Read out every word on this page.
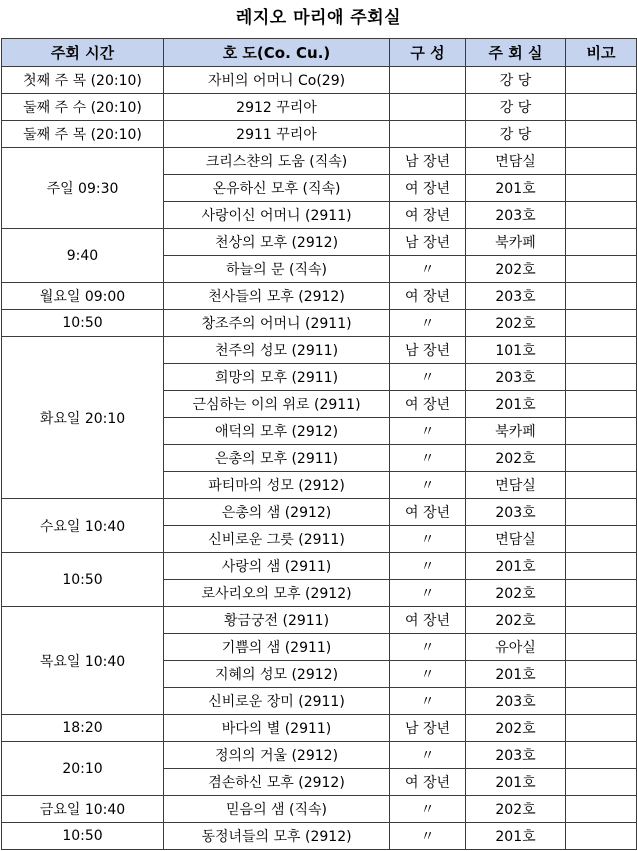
레지오 마리애 주회실
주회 시간	호 도(Co. Cu.)	구 성	주 회 실	비고
첫째 주 목 (20:10)	자비의 어머니 Co(29)		강 당	
둘째 주 수 (20:10)	2912 꾸리아		강 당	
둘째 주 목 (20:10)	2911 꾸리아		강 당	
주일 09:30	크리스챤의 도움 (직속)	남 장년	면담실	
	온유하신 모후 (직속)	여 장년	201호	
	사랑이신 어머니 (2911)	여 장년	203호	
9:40	천상의 모후 (2912)	남 장년	북카페	
	하늘의 문 (직속)	〃	202호	
월요일 09:00	천사들의 모후 (2912)	여 장년	203호	
10:50	창조주의 어머니 (2911)	〃	202호	
화요일 20:10	천주의 성모 (2911)	남 장년	101호	
	희망의 모후 (2911)	〃	203호	
	근심하는 이의 위로 (2911)	여 장년	201호	
	애덕의 모후 (2912)	〃	북카페	
	은총의 모후 (2911)	〃	202호	
	파티마의 성모 (2912)	〃	면담실	
수요일 10:40	은총의 샘 (2912)	여 장년	203호	
	신비로운 그릇 (2911)	〃	면담실	
10:50	사랑의 샘 (2911)	〃	201호	
	로사리오의 모후 (2912)	〃	202호	
목요일 10:40	황금궁전 (2911)	여 장년	202호	
	기쁨의 샘 (2911)	〃	유아실	
	지혜의 성모 (2912)	〃	201호	
	신비로운 장미 (2911)	〃	203호	
18:20	바다의 별 (2911)	남 장년	202호	
20:10	정의의 거울 (2912)	〃	203호	
	겸손하신 모후 (2912)	여 장년	201호	
금요일 10:40	믿음의 샘 (직속)	〃	202호	
10:50	동정녀들의 모후 (2912)	〃	201호	
